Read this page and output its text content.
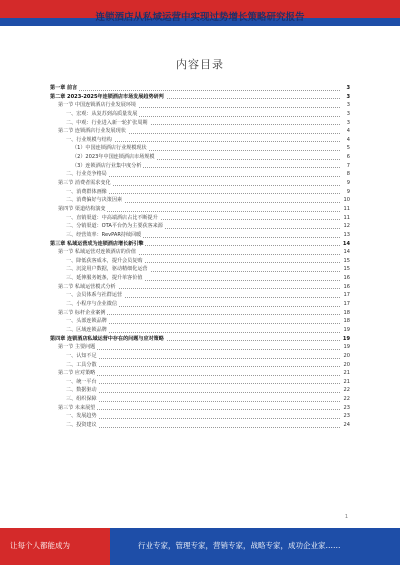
连锁酒店从私域运营中实现过势增长策略研究报告
内容目录
第一章 前言	3
第二章 2023-2025年连锁酒店市场发展趋势研判	3
第一节 中国连锁酒店行业发展环境	3
一、宏观：从复苏到高质量发展	3
二、中观：行业进入新一轮扩张周期	3
第二节 连锁酒店行业发展现状	4
一、行业规模与结构	4
（1）中国连锁酒店行业规模现状	5
（2）2023年中国连锁酒店市场规模	6
（3）连锁酒店行业集中度分析	7
二、行业竞争格局	8
第三节 消费者需求变化	9
一、消费群体画像	9
二、消费偏好与决策因素	10
第四节 渠道结构演变	11
一、直销渠道：中高端酒店占比不断提升	11
二、分销渠道：OTA平台仍为主要获客来源	12
三、经营效率：RevPAR持续回暖	13
第三章 私域运营成为连锁酒店增长新引擎	14
第一节 私域运营对连锁酒店的价值	14
一、降低获客成本，提升会员复购	15
二、沉淀用户数据，驱动精细化运营	15
三、延伸服务链条，提升单客价值	16
第二节 私域运营模式分析	16
一、会员体系与社群运营	17
二、小程序与企业微信	17
第三节 标杆企业案例	18
一、头部连锁品牌	18
二、区域连锁品牌	19
第四章 连锁酒店私域运营中存在的问题与应对策略	19
第一节 主要问题	19
一、认知不足	20
二、工具分散	20
第二节 应对策略	21
一、统一平台	21
二、数据驱动	22
三、组织保障	22
第三节 未来展望	23
一、发展趋势	23
二、投资建议	24
1
让每个人都能成为	行业专家，管理专家，营销专家，战略专家，成功企业家……
